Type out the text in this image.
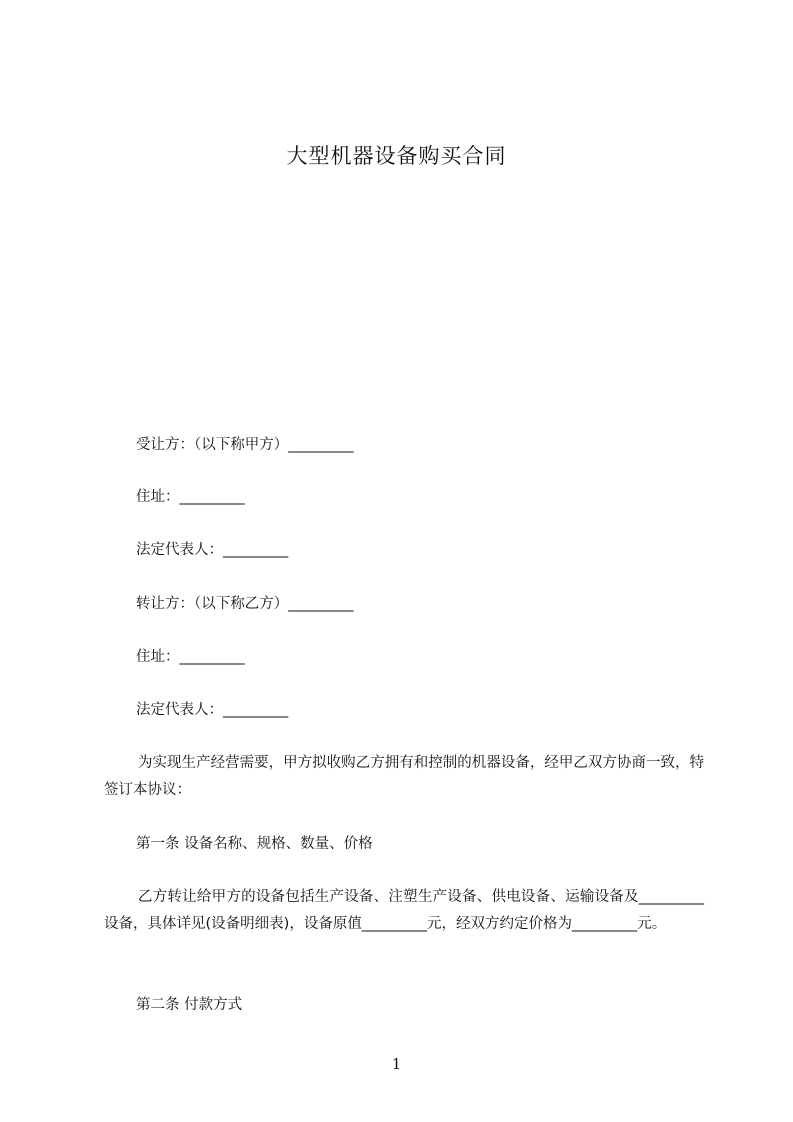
大型机器设备购买合同
受让方：（以下称甲方）_________
住址：_________
法定代表人：_________
转让方：（以下称乙方）_________
住址：_________
法定代表人：_________
为实现生产经营需要，甲方拟收购乙方拥有和控制的机器设备，经甲乙双方协商一致，特签订本协议：
第一条 设备名称、规格、数量、价格
乙方转让给甲方的设备包括生产设备、注塑生产设备、供电设备、运输设备及_________设备，具体详见(设备明细表)，设备原值_________元，经双方约定价格为_________元。
第二条 付款方式
1
